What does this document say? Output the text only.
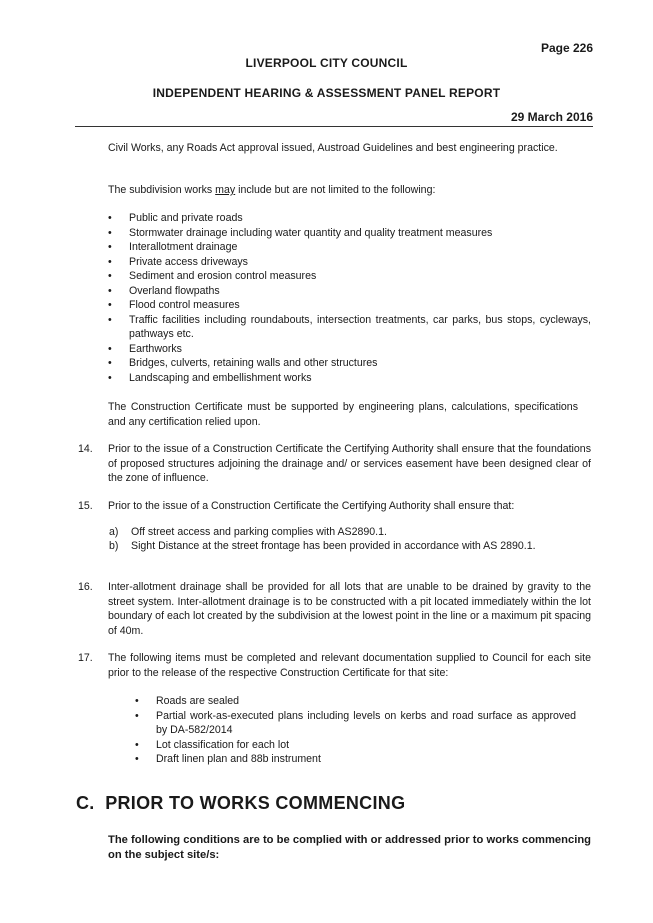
Page 226
LIVERPOOL CITY COUNCIL
INDEPENDENT HEARING & ASSESSMENT PANEL REPORT
29 March 2016
Civil Works, any Roads Act approval issued, Austroad Guidelines and best engineering practice.
The subdivision works may include but are not limited to the following:
• Public and private roads
• Stormwater drainage including water quantity and quality treatment measures
• Interallotment drainage
• Private access driveways
• Sediment and erosion control measures
• Overland flowpaths
• Flood control measures
• Traffic facilities including roundabouts, intersection treatments, car parks, bus stops, cycleways, pathways etc.
• Earthworks
• Bridges, culverts, retaining walls and other structures
• Landscaping and embellishment works
The Construction Certificate must be supported by engineering plans, calculations, specifications and any certification relied upon.
14. Prior to the issue of a Construction Certificate the Certifying Authority shall ensure that the foundations of proposed structures adjoining the drainage and/ or services easement have been designed clear of the zone of influence.
15. Prior to the issue of a Construction Certificate the Certifying Authority shall ensure that:
a) Off street access and parking complies with AS2890.1.
b) Sight Distance at the street frontage has been provided in accordance with AS 2890.1.
16. Inter-allotment drainage shall be provided for all lots that are unable to be drained by gravity to the street system. Inter-allotment drainage is to be constructed with a pit located immediately within the lot boundary of each lot created by the subdivision at the lowest point in the line or a maximum pit spacing of 40m.
17. The following items must be completed and relevant documentation supplied to Council for each site prior to the release of the respective Construction Certificate for that site:
• Roads are sealed
• Partial work-as-executed plans including levels on kerbs and road surface as approved by DA-582/2014
• Lot classification for each lot
• Draft linen plan and 88b instrument
C.  PRIOR TO WORKS COMMENCING
The following conditions are to be complied with or addressed prior to works commencing on the subject site/s:
